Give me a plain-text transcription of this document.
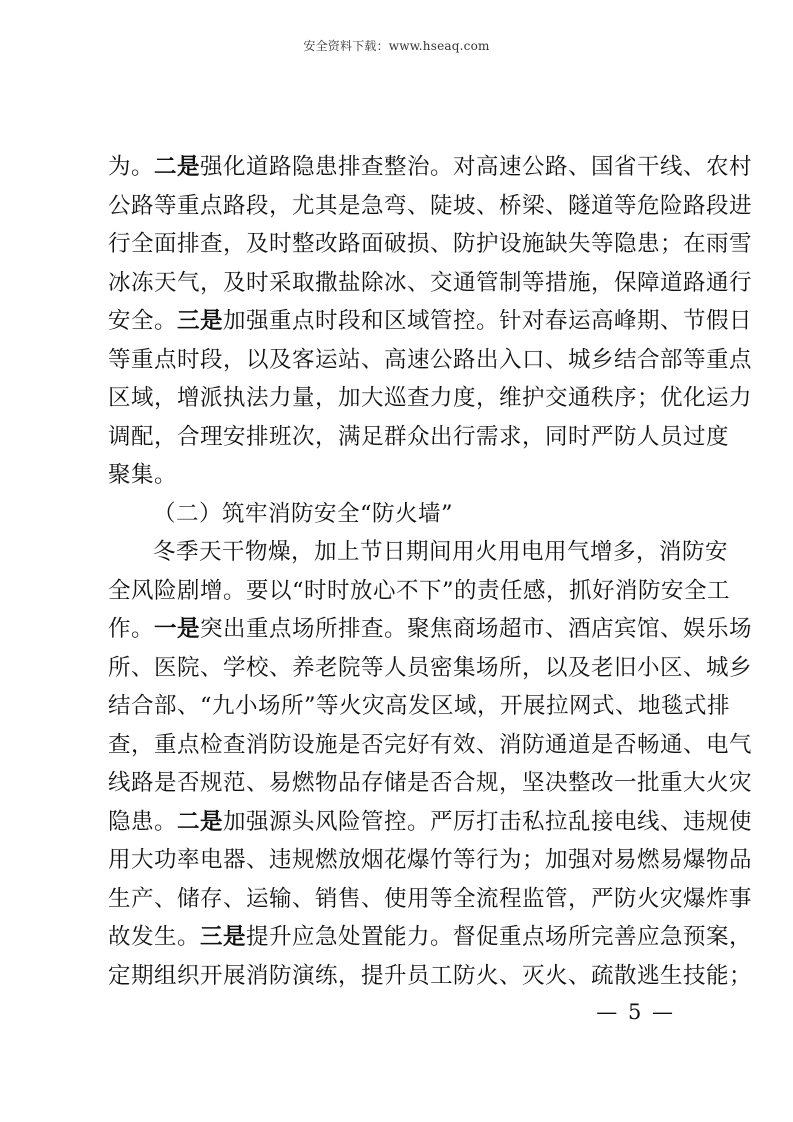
安全资料下载：www.hseaq.com
为。二是强化道路隐患排查整治。对高速公路、国省干线、农村
公路等重点路段，尤其是急弯、陡坡、桥梁、隧道等危险路段进
行全面排查，及时整改路面破损、防护设施缺失等隐患；在雨雪
冰冻天气，及时采取撒盐除冰、交通管制等措施，保障道路通行
安全。三是加强重点时段和区域管控。针对春运高峰期、节假日
等重点时段，以及客运站、高速公路出入口、城乡结合部等重点
区域，增派执法力量，加大巡查力度，维护交通秩序；优化运力
调配，合理安排班次，满足群众出行需求，同时严防人员过度
聚集。
（二）筑牢消防安全“防火墙”
冬季天干物燥，加上节日期间用火用电用气增多，消防安
全风险剧增。要以“时时放心不下”的责任感，抓好消防安全工
作。一是突出重点场所排查。聚焦商场超市、酒店宾馆、娱乐场
所、医院、学校、养老院等人员密集场所，以及老旧小区、城乡
结合部、“九小场所”等火灾高发区域，开展拉网式、地毯式排
查，重点检查消防设施是否完好有效、消防通道是否畅通、电气
线路是否规范、易燃物品存储是否合规，坚决整改一批重大火灾
隐患。二是加强源头风险管控。严厉打击私拉乱接电线、违规使
用大功率电器、违规燃放烟花爆竹等行为；加强对易燃易爆物品
生产、储存、运输、销售、使用等全流程监管，严防火灾爆炸事
故发生。三是提升应急处置能力。督促重点场所完善应急预案，
定期组织开展消防演练，提升员工防火、灭火、疏散逃生技能；
— 5 —
